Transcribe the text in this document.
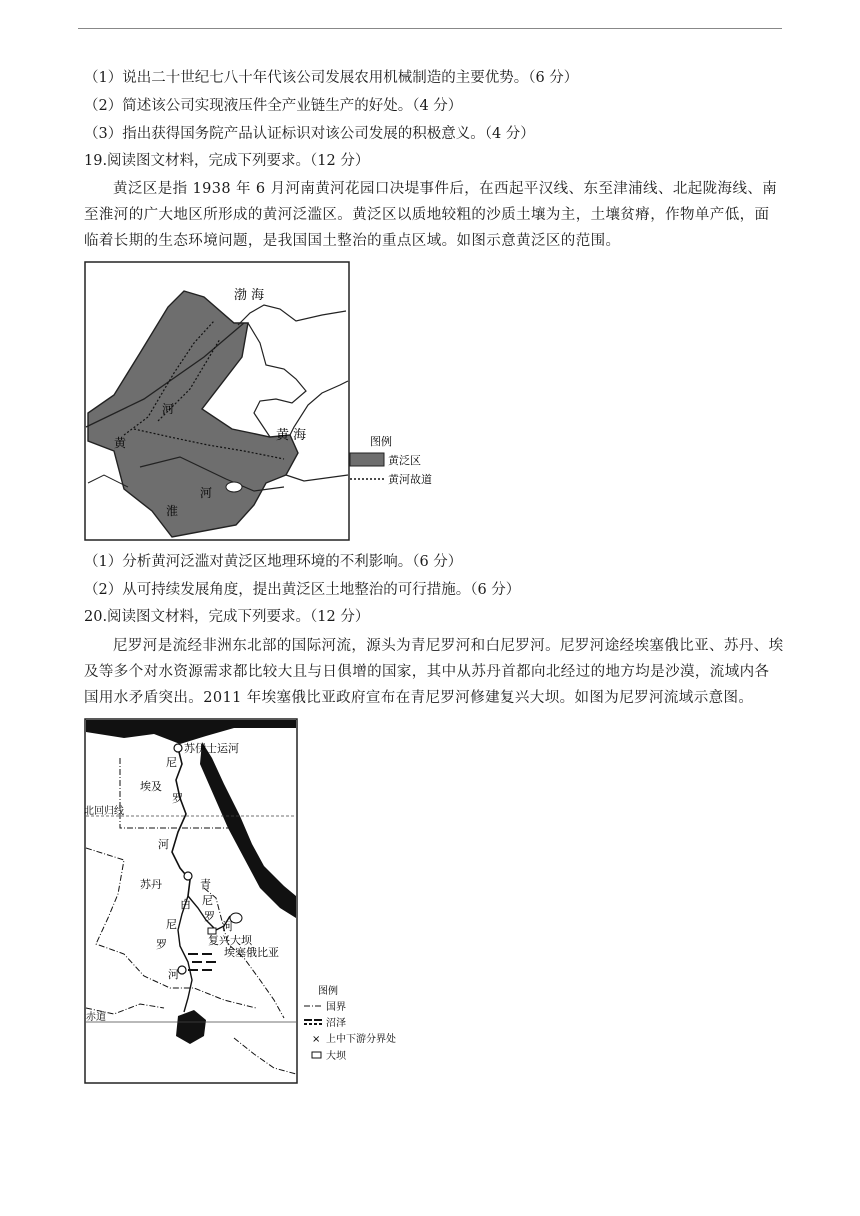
（1）说出二十世纪七八十年代该公司发展农用机械制造的主要优势。（6 分）
（2）简述该公司实现液压件全产业链生产的好处。（4 分）
（3）指出获得国务院产品认证标识对该公司发展的积极意义。（4 分）
19.阅读图文材料，完成下列要求。（12 分）
黄泛区是指 1938 年 6 月河南黄河花园口决堤事件后，在西起平汉线、东至津浦线、北起陇海线、南至淮河的广大地区所形成的黄河泛滥区。黄泛区以质地较粗的沙质土壤为主，土壤贫瘠，作物单产低，面临着长期的生态环境问题，是我国国土整治的重点区域。如图示意黄泛区的范围。
渤 海
黄 海
河
黄
河
淮
图例
黄泛区
黄河故道
（1）分析黄河泛滥对黄泛区地理环境的不利影响。（6 分）
（2）从可持续发展角度，提出黄泛区土地整治的可行措施。（6 分）
20.阅读图文材料，完成下列要求。（12 分）
尼罗河是流经非洲东北部的国际河流，源头为青尼罗河和白尼罗河。尼罗河途经埃塞俄比亚、苏丹、埃及等多个对水资源需求都比较大且与日俱增的国家，其中从苏丹首都向北经过的地方均是沙漠，流域内各国用水矛盾突出。2011 年埃塞俄比亚政府宣布在青尼罗河修建复兴大坝。如图为尼罗河流域示意图。
苏伊士运河
尼
埃及
罗
北回归线
河
苏丹	青
尼
罗
河
白
尼
罗
河
复兴大坝
埃塞俄比亚
赤道
图例
国界
沼泽
× 上中下游分界处
大坝
